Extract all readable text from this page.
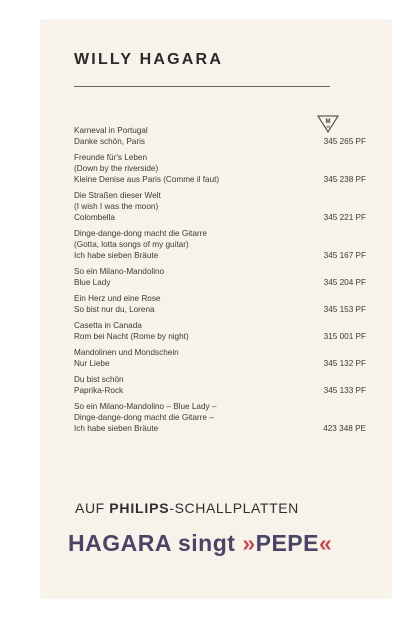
WILLY HAGARA
M
45
Karneval in Portugal
Danke schön, Paris	345 265 PF
Freunde für's Leben
(Down by the riverside)
Kleine Denise aus Paris (Comme il faut)	345 238 PF
Die Straßen dieser Welt
(I wish I was the moon)
Colombella	345 221 PF
Dinge-dange-dong macht die Gitarre
(Gotta, lotta songs of my guitar)
Ich habe sieben Bräute	345 167 PF
So ein Milano-Mandolino
Blue Lady	345 204 PF
Ein Herz und eine Rose
So bist nur du, Lorena	345 153 PF
Casetta in Canada
Rom bei Nacht (Rome by night)	315 001 PF
Mandolinen und Mondschein
Nur Liebe	345 132 PF
Du bist schön
Paprika-Rock	345 133 PF
So ein Milano-Mandolino – Blue Lady –
Dinge-dange-dong macht die Gitarre –
Ich habe sieben Bräute	423 348 PE
AUF PHILIPS-SCHALLPLATTEN
HAGARA singt »PEPE«
